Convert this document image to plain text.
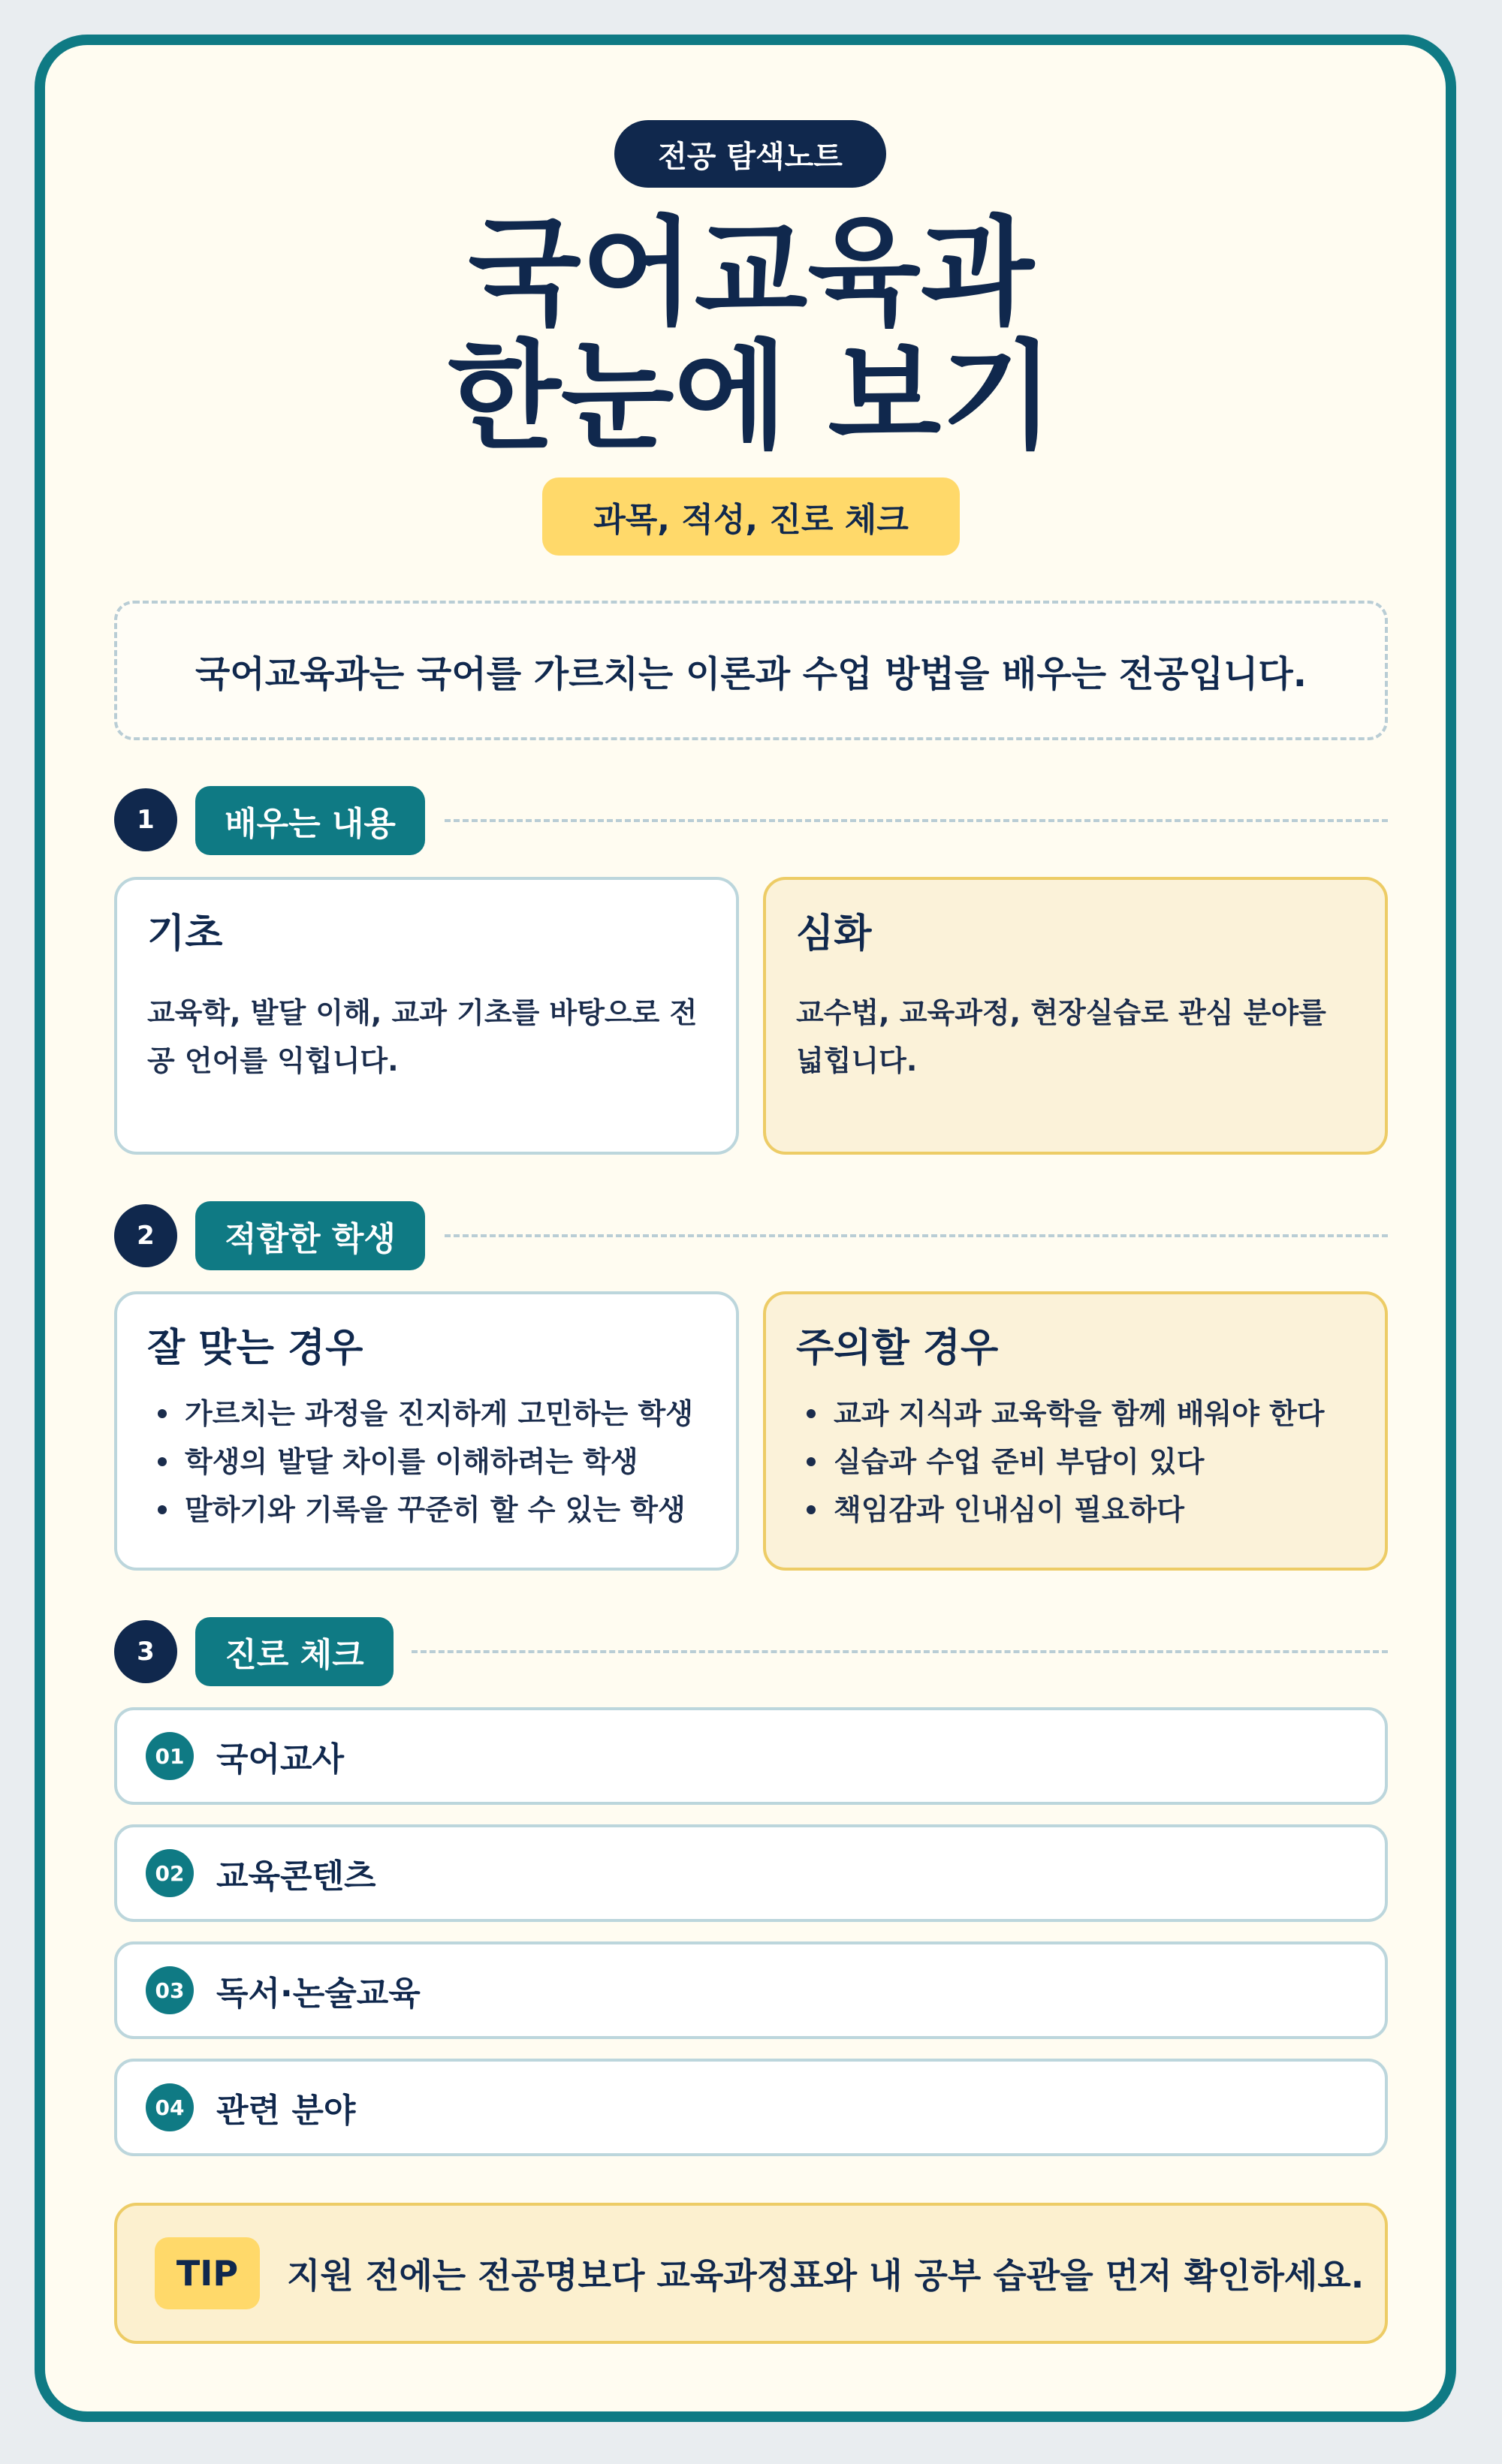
전공 탐색노트
국어교육과
한눈에 보기
과목, 적성, 진로 체크
국어교육과는 국어를 가르치는 이론과 수업 방법을 배우는 전공입니다.
1	배우는 내용
기초

교육학, 발달 이해, 교과 기초를 바탕으로 전 공 언어를 익힙니다.

심화

교수법, 교육과정, 현장실습로 관심 분야를 넓힙니다.

2	적합한 학생
잘 맞는 경우
가르치는 과정을 진지하게 고민하는 학생
학생의 발달 차이를 이해하려는 학생
말하기와 기록을 꾸준히 할 수 있는 학생
주의할 경우
교과 지식과 교육학을 함께 배워야 한다
실습과 수업 준비 부담이 있다
책임감과 인내심이 필요하다
3	진로 체크
01 국어교사
02 교육콘텐츠
03 독서·논술교육
04 관련 분야
TIP	지원 전에는 전공명보다 교육과정표와 내 공부 습관을 먼저 확인하세요.
